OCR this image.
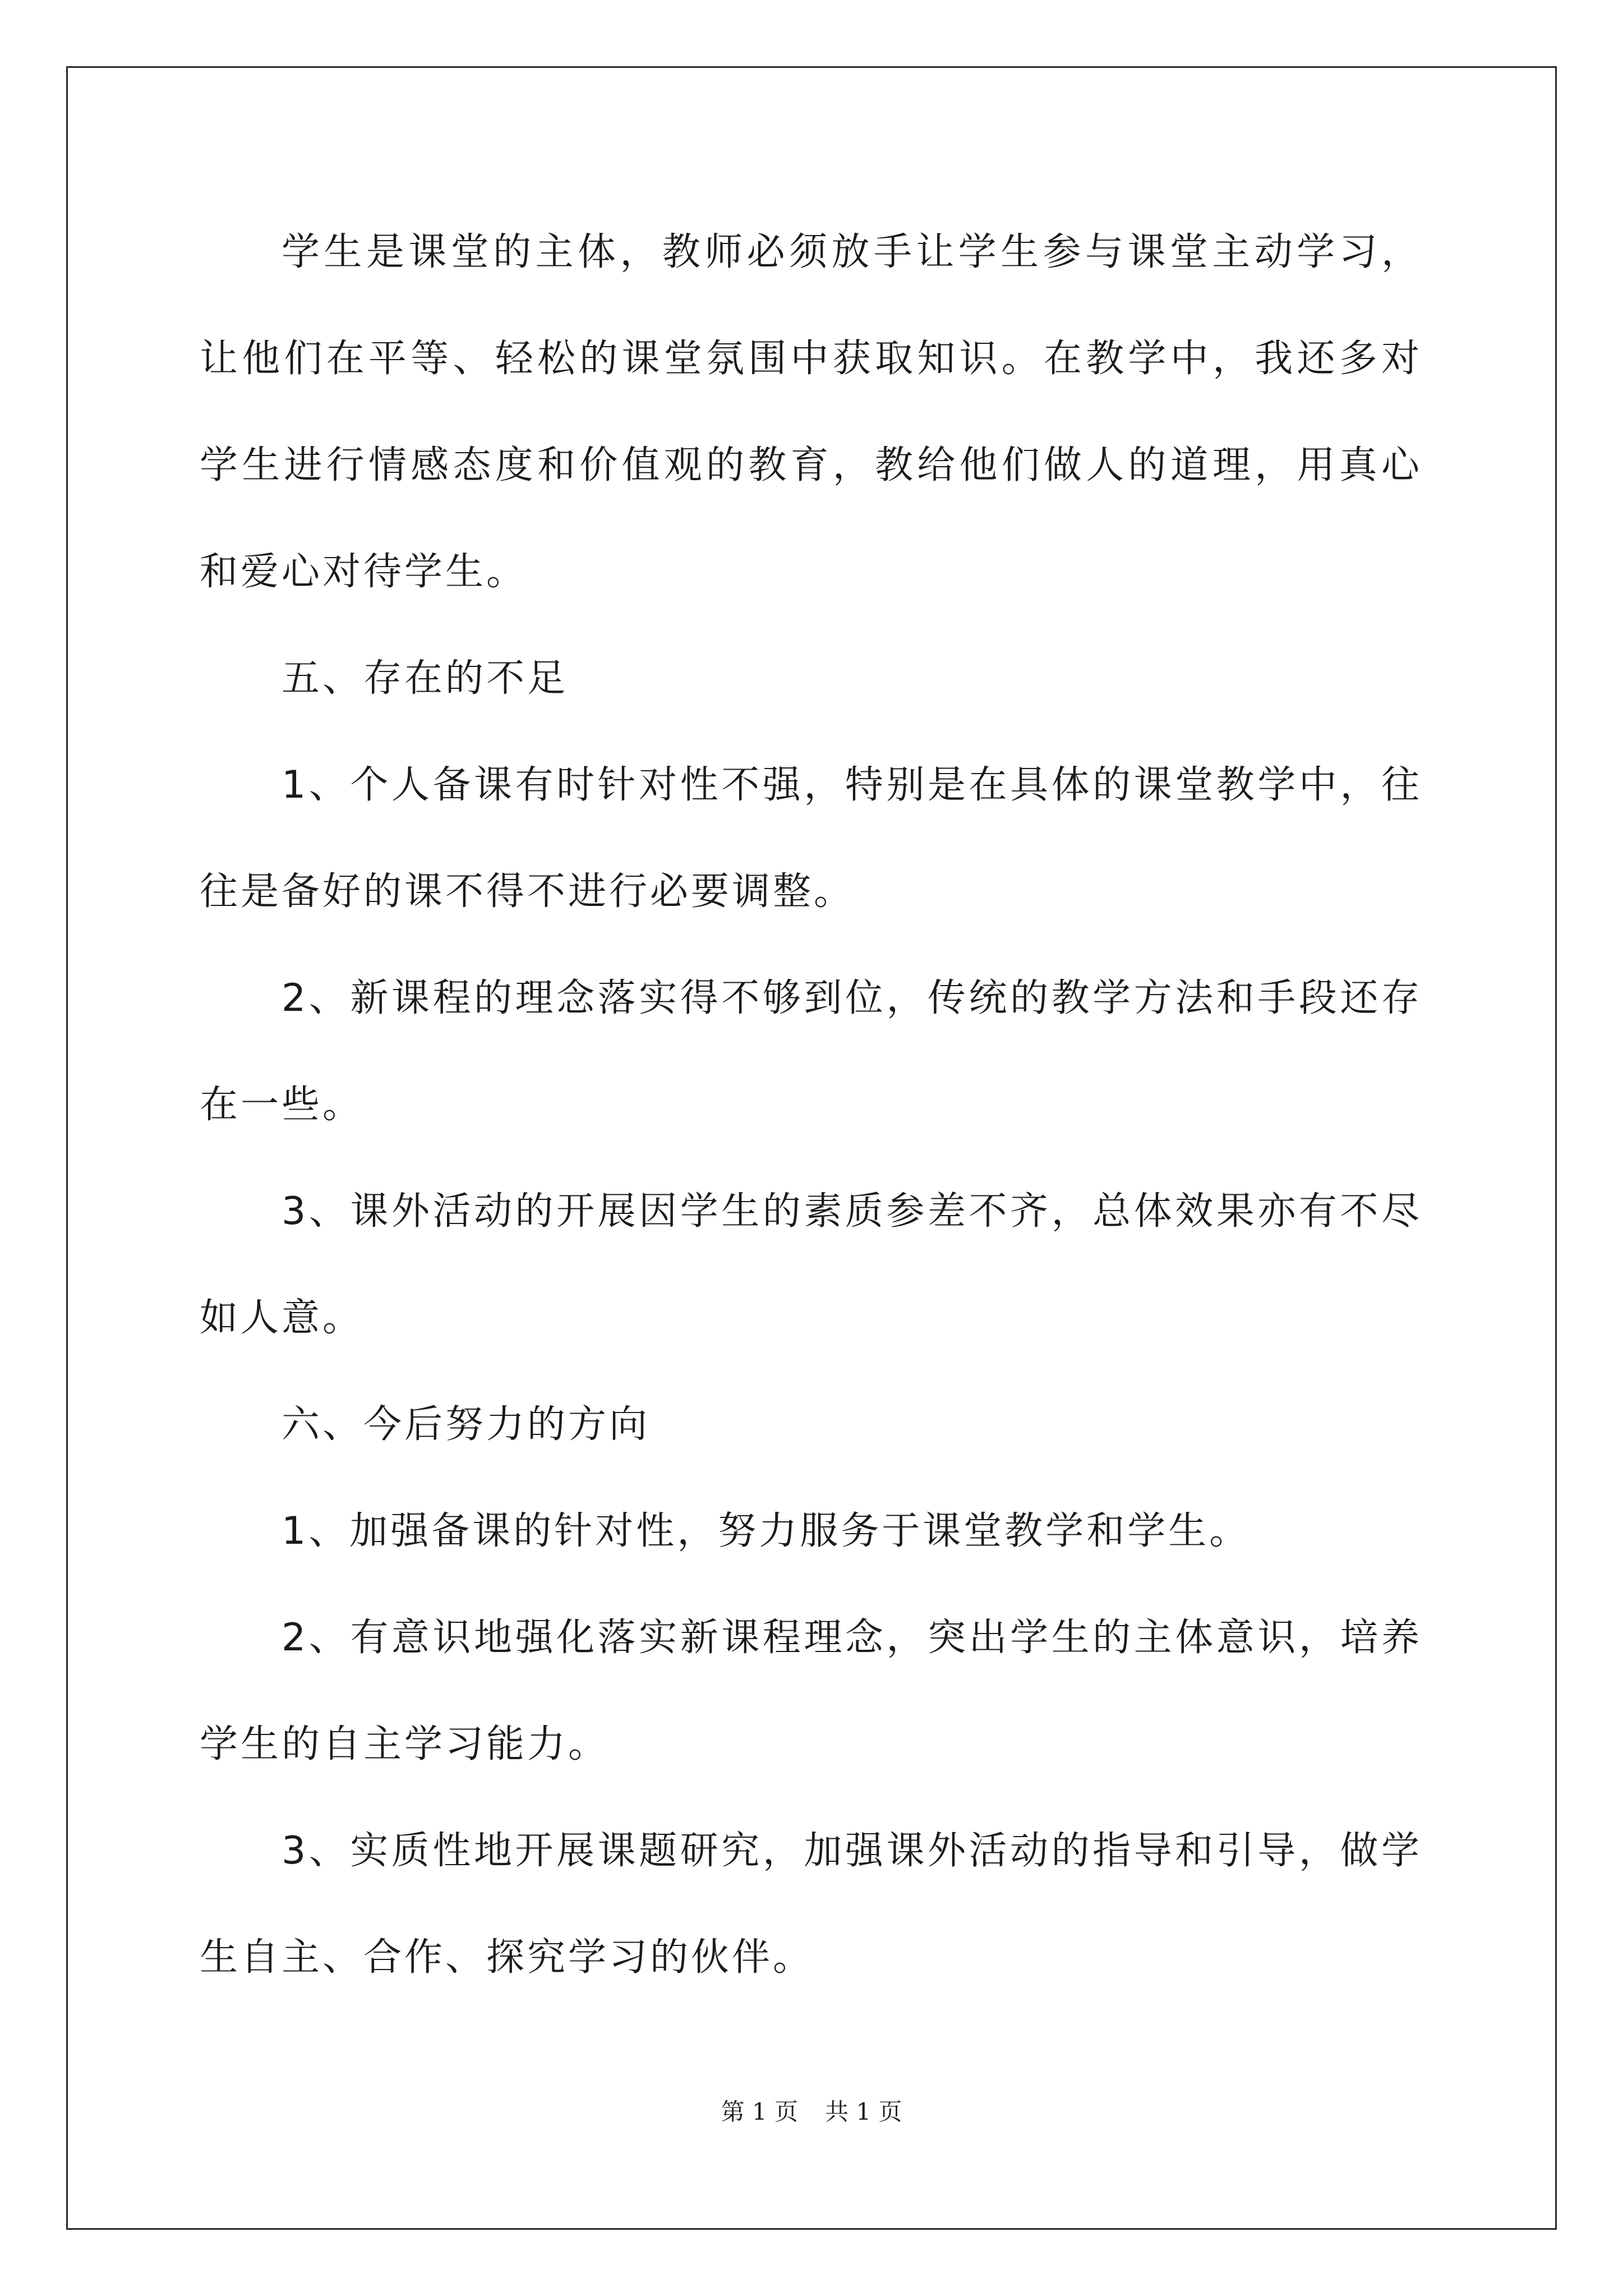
学生是课堂的主体，教师必须放手让学生参与课堂主动学习，让他们在平等、轻松的课堂氛围中获取知识。在教学中，我还多对学生进行情感态度和价值观的教育，教给他们做人的道理，用真心和爱心对待学生。

五、存在的不足

1、个人备课有时针对性不强，特别是在具体的课堂教学中，往往是备好的课不得不进行必要调整。

2、新课程的理念落实得不够到位，传统的教学方法和手段还存在一些。

3、课外活动的开展因学生的素质参差不齐，总体效果亦有不尽如人意。

六、今后努力的方向

1、加强备课的针对性，努力服务于课堂教学和学生。

2、有意识地强化落实新课程理念，突出学生的主体意识，培养学生的自主学习能力。

3、实质性地开展课题研究，加强课外活动的指导和引导，做学生自主、合作、探究学习的伙伴。

第 1 页 共 1 页
